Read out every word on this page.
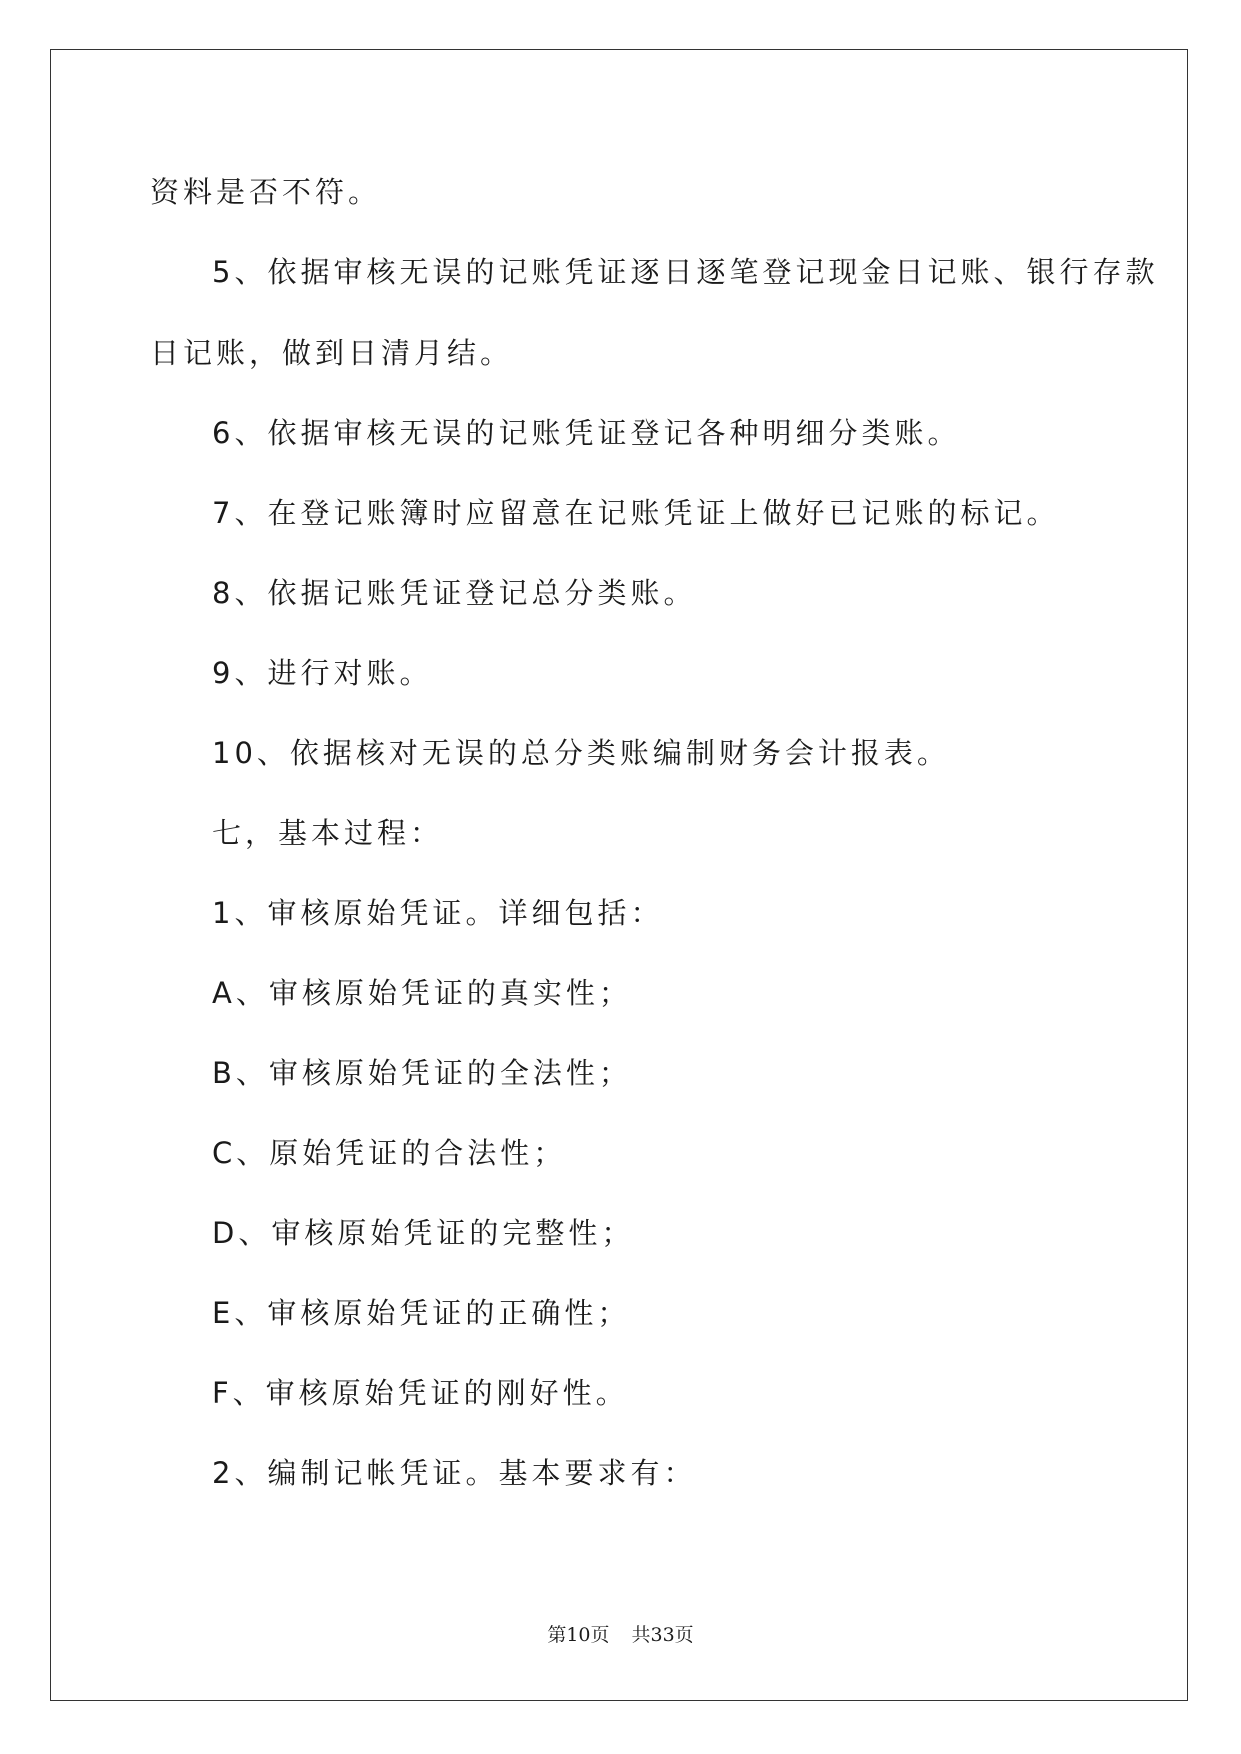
资料是否不符。
5、依据审核无误的记账凭证逐日逐笔登记现金日记账、银行存款
日记账，做到日清月结。
6、依据审核无误的记账凭证登记各种明细分类账。
7、在登记账簿时应留意在记账凭证上做好已记账的标记。
8、依据记账凭证登记总分类账。
9、进行对账。
10、依据核对无误的总分类账编制财务会计报表。
七，基本过程：
1、审核原始凭证。详细包括：
A、审核原始凭证的真实性；
B、审核原始凭证的全法性；
C、原始凭证的合法性；
D、审核原始凭证的完整性；
E、审核原始凭证的正确性；
F、审核原始凭证的刚好性。
2、编制记帐凭证。基本要求有：
第10页 共33页
